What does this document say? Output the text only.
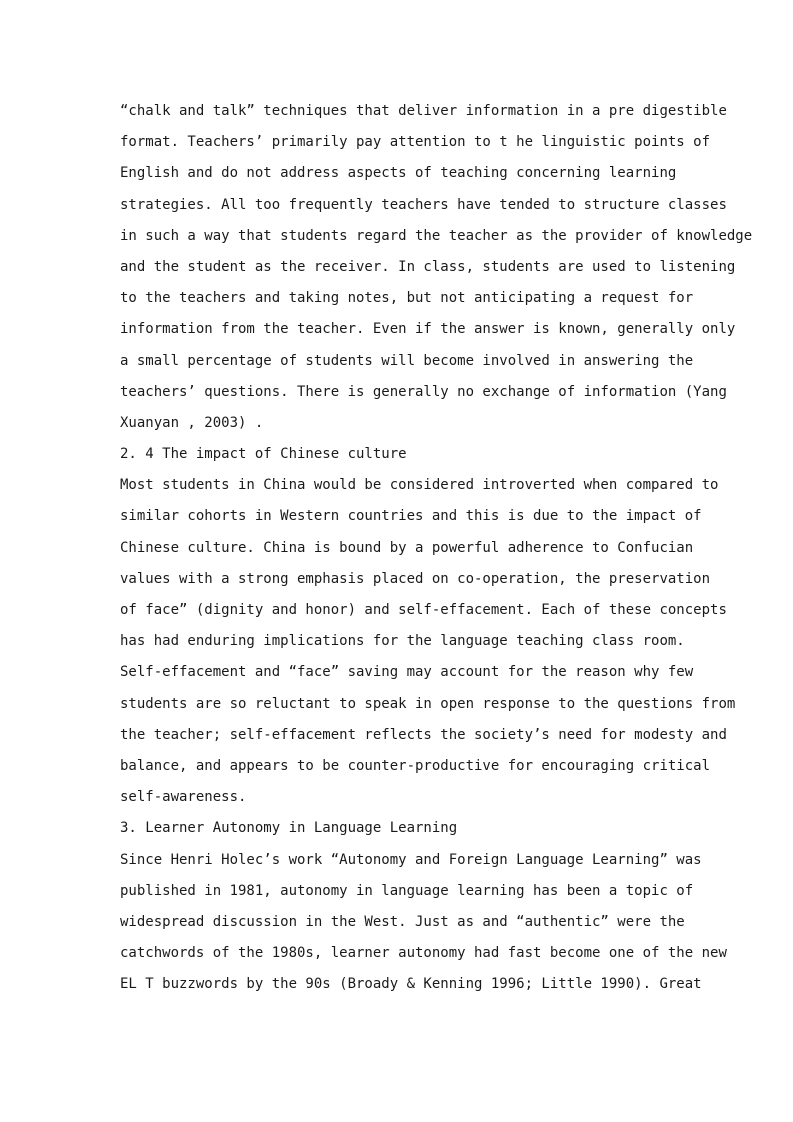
“chalk and talk” techniques that deliver information in a pre digestible
format. Teachers’ primarily pay attention to t he linguistic points of
English and do not address aspects of teaching concerning learning
strategies. All too frequently teachers have tended to structure classes
in such a way that students regard the teacher as the provider of knowledge
and the student as the receiver. In class, students are used to listening
to the teachers and taking notes, but not anticipating a request for
information from the teacher. Even if the answer is known, generally only
a small percentage of students will become involved in answering the
teachers’ questions. There is generally no exchange of information (Yang
Xuanyan , 2003) .
2. 4 The impact of Chinese culture
Most students in China would be considered introverted when compared to
similar cohorts in Western countries and this is due to the impact of
Chinese culture. China is bound by a powerful adherence to Confucian
values with a strong emphasis placed on co-operation, the preservation
of face” (dignity and honor) and self-effacement. Each of these concepts
has had enduring implications for the language teaching class room.
Self-effacement and “face” saving may account for the reason why few
students are so reluctant to speak in open response to the questions from
the teacher; self-effacement reflects the society’s need for modesty and
balance, and appears to be counter-productive for encouraging critical
self-awareness.
3. Learner Autonomy in Language Learning
Since Henri Holec’s work “Autonomy and Foreign Language Learning” was
published in 1981, autonomy in language learning has been a topic of
widespread discussion in the West. Just as and “authentic” were the
catchwords of the 1980s, learner autonomy had fast become one of the new
EL T buzzwords by the 90s (Broady & Kenning 1996; Little 1990). Great
